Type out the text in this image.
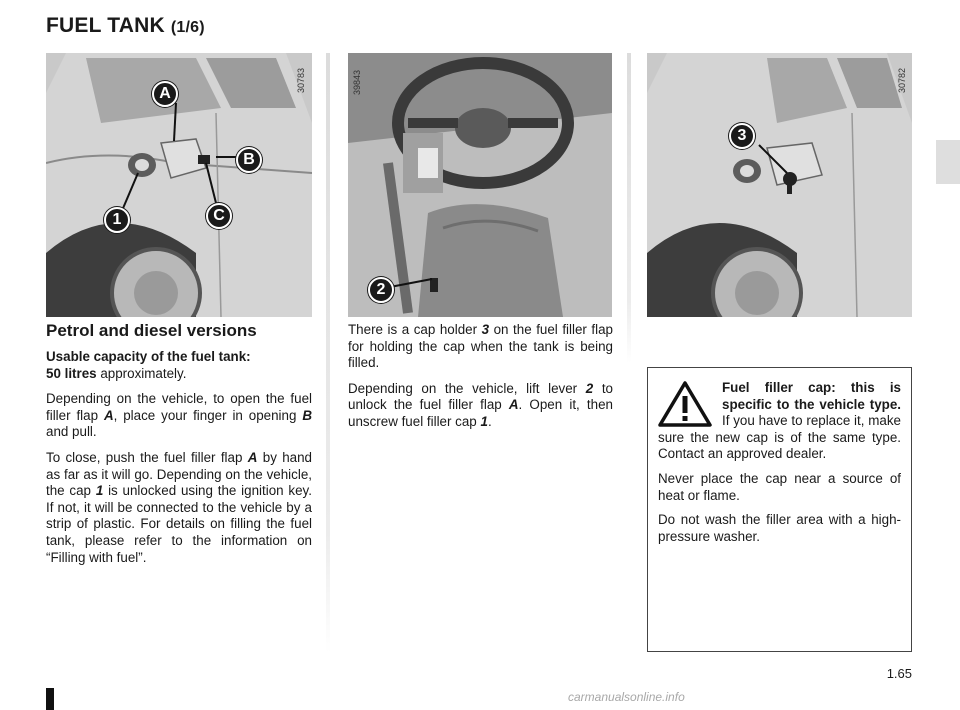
FUEL TANK (1/6)
30783
A
B
C
1
39843
2
30782
3
Petrol and diesel versions

Usable capacity of the fuel tank:
50 litres approximately.

Depending on the vehicle, to open the fuel filler flap A, place your finger in opening B and pull.

To close, push the fuel filler flap A by hand as far as it will go. Depending on the vehicle, the cap 1 is unlocked using the ignition key. If not, it will be connected to the vehicle by a strip of plastic. For details on filling the fuel tank, please refer to the information on “Filling with fuel”.

There is a cap holder 3 on the fuel filler flap for holding the cap when the tank is being filled.

Depending on the vehicle, lift lever 2 to unlock the fuel filler flap A. Open it, then unscrew fuel filler cap 1.

Fuel filler cap: this is specific to the vehicle type. If you have to replace it, make sure the new cap is of the same type. Contact an approved dealer.

Never place the cap near a source of heat or flame.

Do not wash the filler area with a high-pressure washer.

1.65
carmanualsonline.info
